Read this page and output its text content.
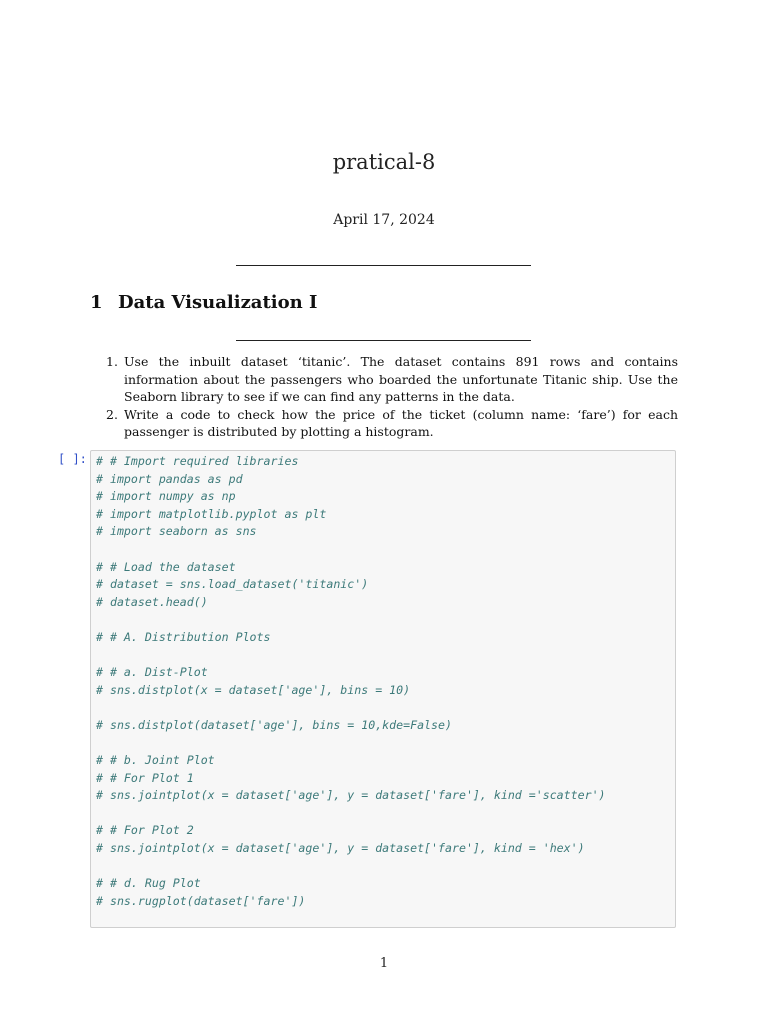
pratical-8
April 17, 2024
1 Data Visualization I
1. Use the inbuilt dataset ‘titanic’. The dataset contains 891 rows and contains information about the passengers who boarded the unfortunate Titanic ship. Use the Seaborn library to see if we can find any patterns in the data.
2. Write a code to check how the price of the ticket (column name: ‘fare’) for each passenger is distributed by plotting a histogram.
[ ]: # # Import required libraries
# import pandas as pd
# import numpy as np
# import matplotlib.pyplot as plt
# import seaborn as sns

# # Load the dataset
# dataset = sns.load_dataset('titanic')
# dataset.head()

# # A. Distribution Plots

# # a. Dist-Plot
# sns.distplot(x = dataset['age'], bins = 10)

# sns.distplot(dataset['age'], bins = 10,kde=False)

# # b. Joint Plot
# # For Plot 1
# sns.jointplot(x = dataset['age'], y = dataset['fare'], kind ='scatter')

# # For Plot 2
# sns.jointplot(x = dataset['age'], y = dataset['fare'], kind = 'hex')

# # d. Rug Plot
# sns.rugplot(dataset['fare'])

1
